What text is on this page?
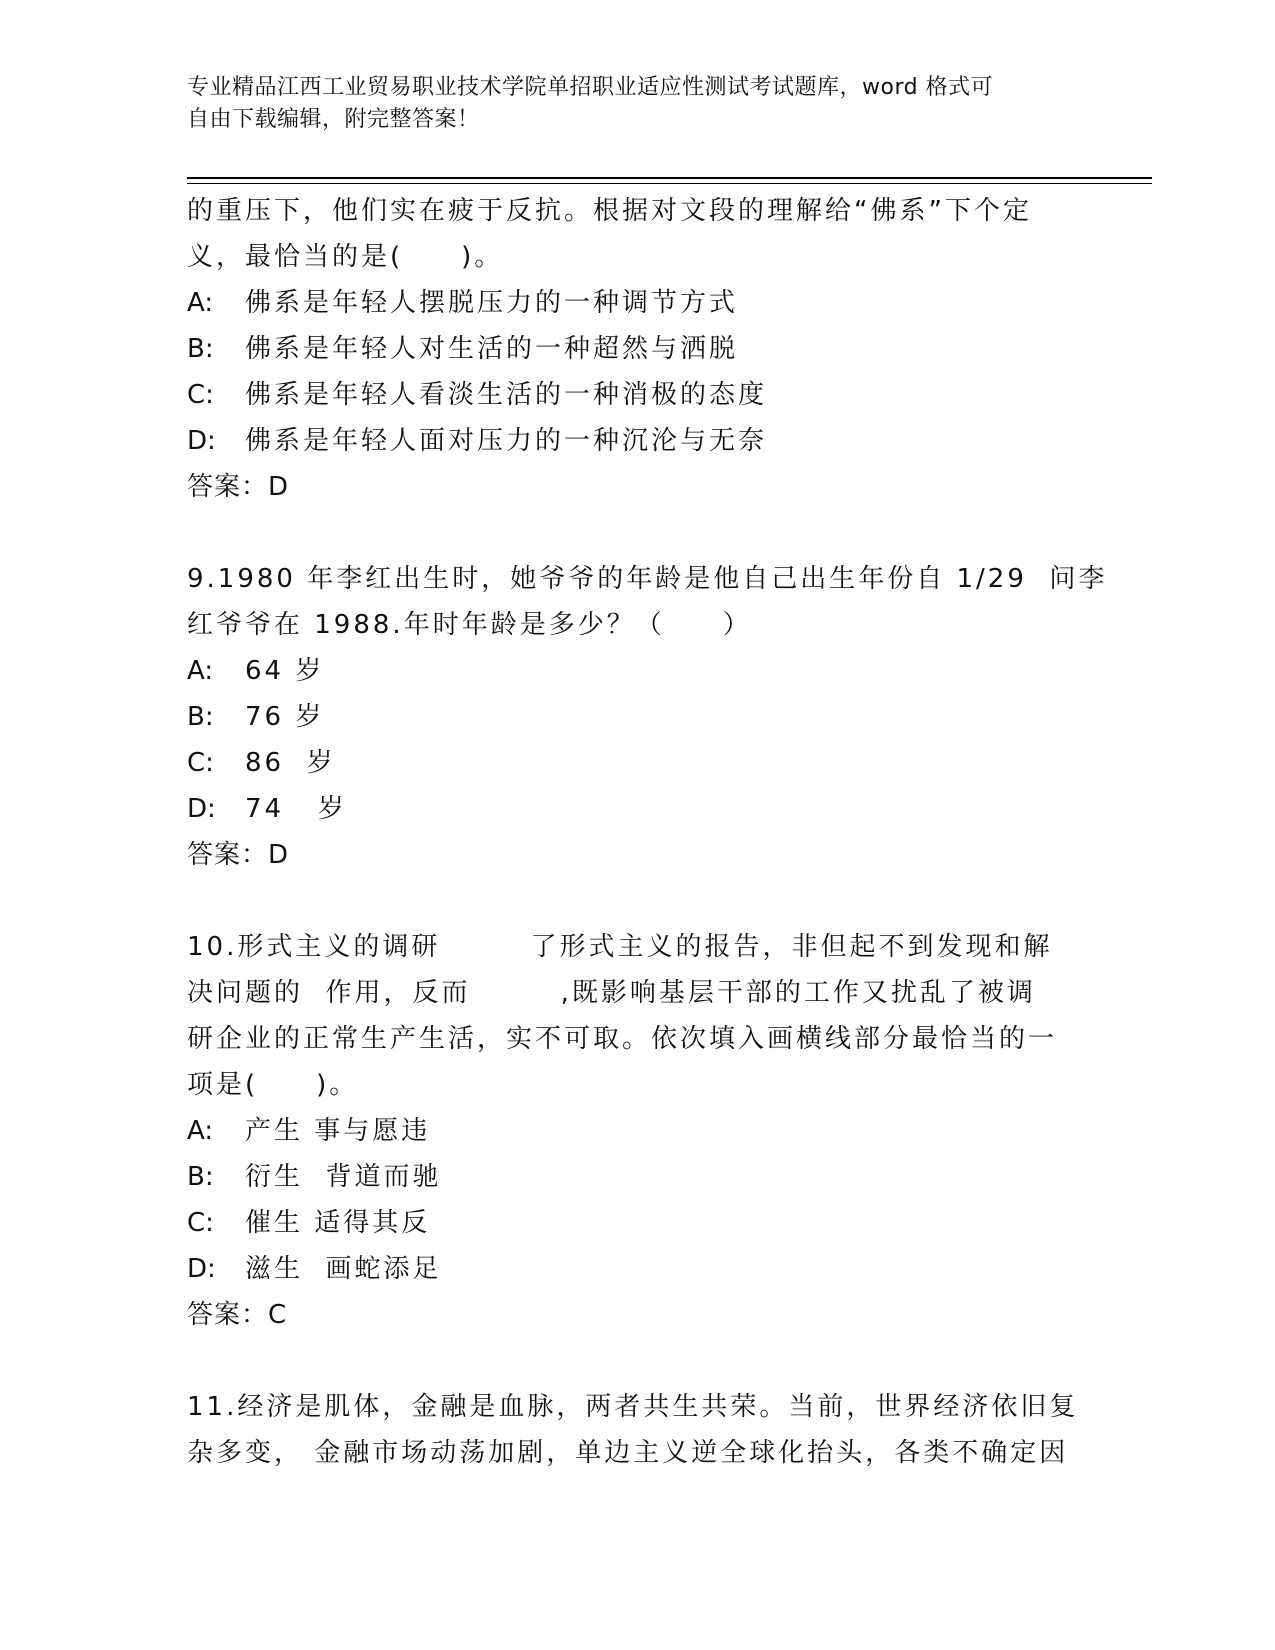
专业精品江西工业贸易职业技术学院单招职业适应性测试考试题库，word 格式可
自由下载编辑，附完整答案！

的重压下，他们实在疲于反抗。根据对文段的理解给“佛系”下个定

义，最恰当的是(　　)。

A: 佛系是年轻人摆脱压力的一种调节方式

B: 佛系是年轻人对生活的一种超然与洒脱

C: 佛系是年轻人看淡生活的一种消极的态度

D: 佛系是年轻人面对压力的一种沉沦与无奈

答案：D

9.1980 年李红出生时，她爷爷的年龄是他自己出生年份自 1/29  问李

红爷爷在 1988.年时年龄是多少？（　　）

A: 64 岁

B: 76 岁

C: 86  岁

D: 74   岁

答案：D

10.形式主义的调研        了形式主义的报告，非但起不到发现和解

决问题的  作用，反而        ,既影响基层干部的工作又扰乱了被调

研企业的正常生产生活，实不可取。依次填入画横线部分最恰当的一

项是(　　)。

A: 产生 事与愿违

B: 衍生  背道而驰

C: 催生 适得其反

D: 滋生  画蛇添足

答案：C

11.经济是肌体，金融是血脉，两者共生共荣。当前，世界经济依旧复

杂多变， 金融市场动荡加剧，单边主义逆全球化抬头，各类不确定因
